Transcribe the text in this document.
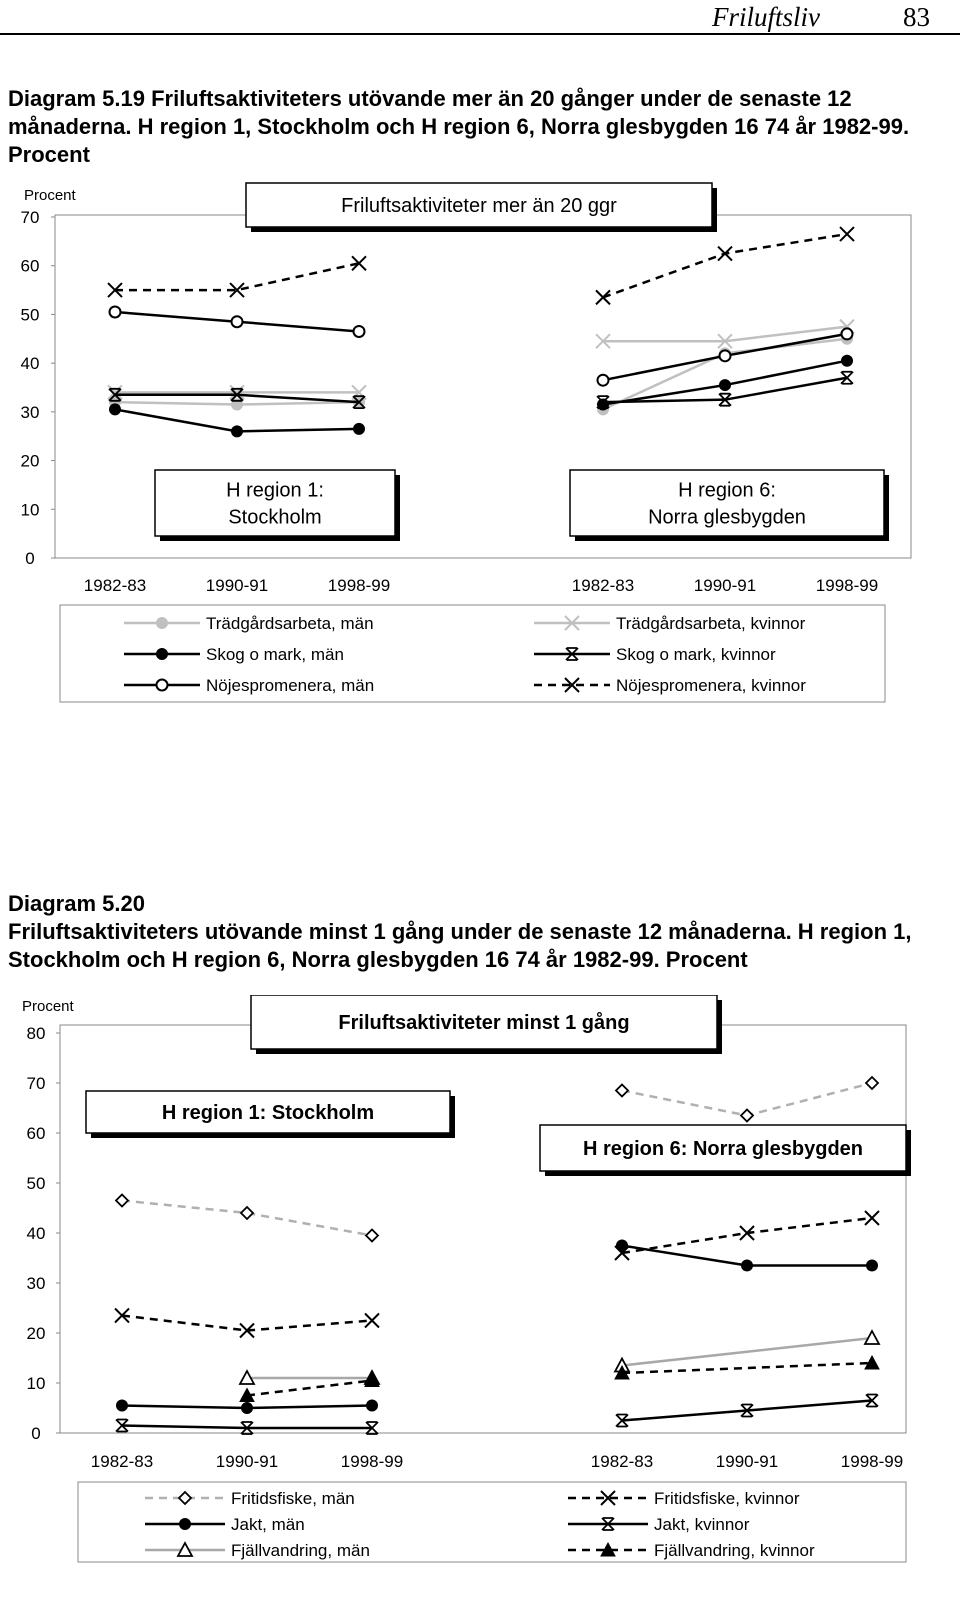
Friluftsliv	83
Diagram 5.19 Friluftsaktiviteters utövande mer än 20 gånger under de senaste 12 månaderna. H region 1, Stockholm och H region 6, Norra glesbygden 16 74 år 1982-99. Procent
Diagram 5.20
Friluftsaktiviteters utövande minst 1 gång under de senaste 12 månaderna. H region 1, Stockholm och H region 6, Norra glesbygden 16 74 år 1982-99. Procent
Procent
0
10
20
30
40
50
60
70
1982-83	1990-91	1998-99	1982-83	1990-91	1998-99
Friluftsaktiviteter mer än 20 ggr
H region 1:
Stockholm
H region 6:
Norra glesbygden
Trädgårdsarbeta, män	Trädgårdsarbeta, kvinnor
Skog o mark, män	Skog o mark, kvinnor
Nöjespromenera, män	Nöjespromenera, kvinnor
Procent
0
10
20
30
40
50
60
70
80
1982-83	1990-91	1998-99	1982-83	1990-91	1998-99
Friluftsaktiviteter minst 1 gång
H region 1: Stockholm
H region 6: Norra glesbygden
Fritidsfiske, män	Fritidsfiske, kvinnor
Jakt, män	Jakt, kvinnor
Fjällvandring, män	Fjällvandring, kvinnor
